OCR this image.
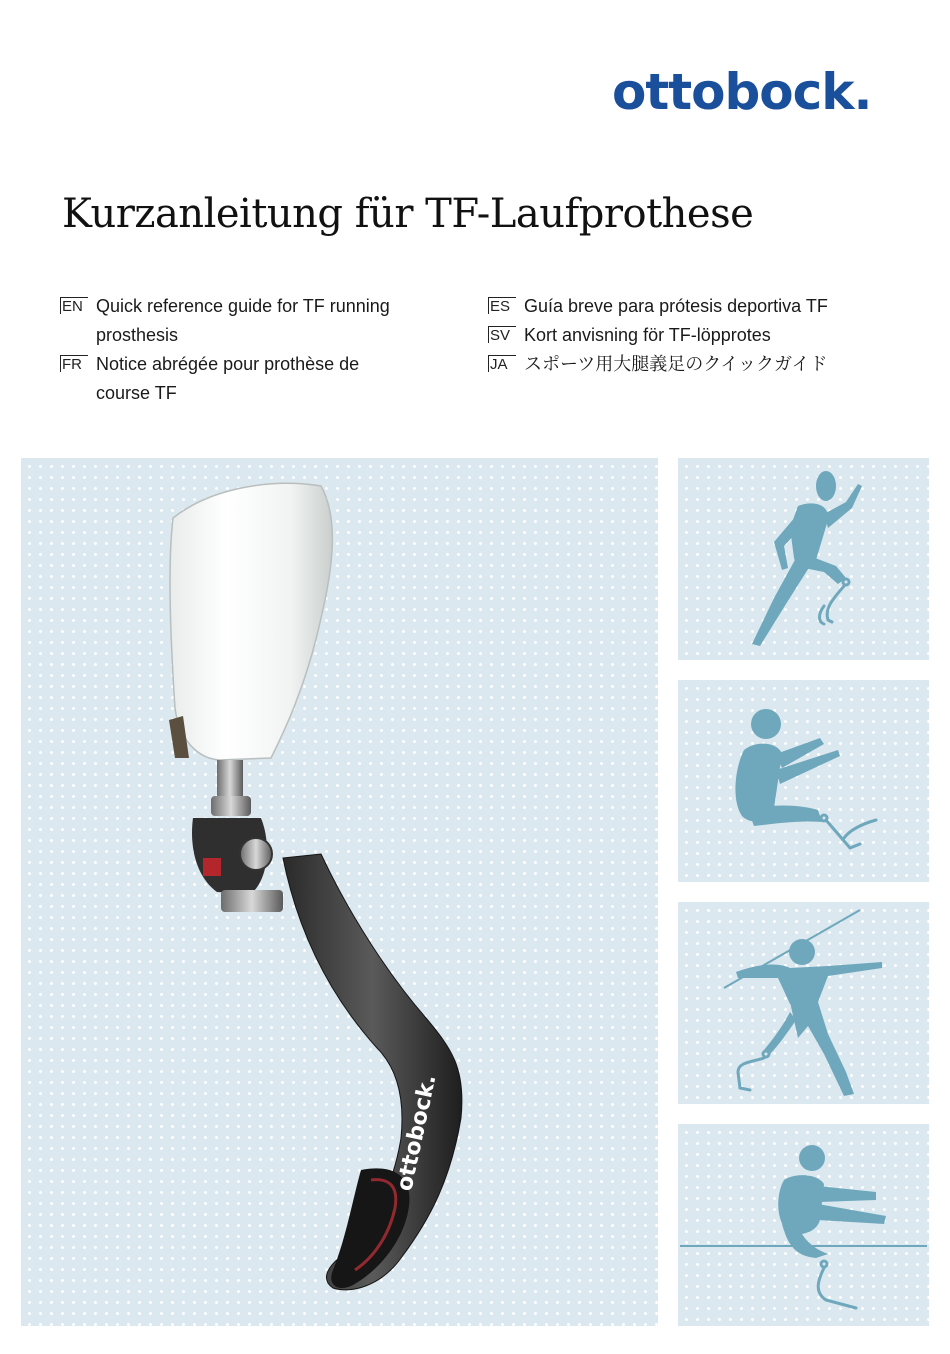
ottobock.
Kurzanleitung für TF-Laufprothese
EN Quick reference guide for TF running prosthesis
FR Notice abrégée pour prothèse de course TF
ES Guía breve para prótesis deportiva TF
SV Kort anvisning för TF-löpprotes
JA スポーツ用大腿義足のクイックガイド
ottobock.
